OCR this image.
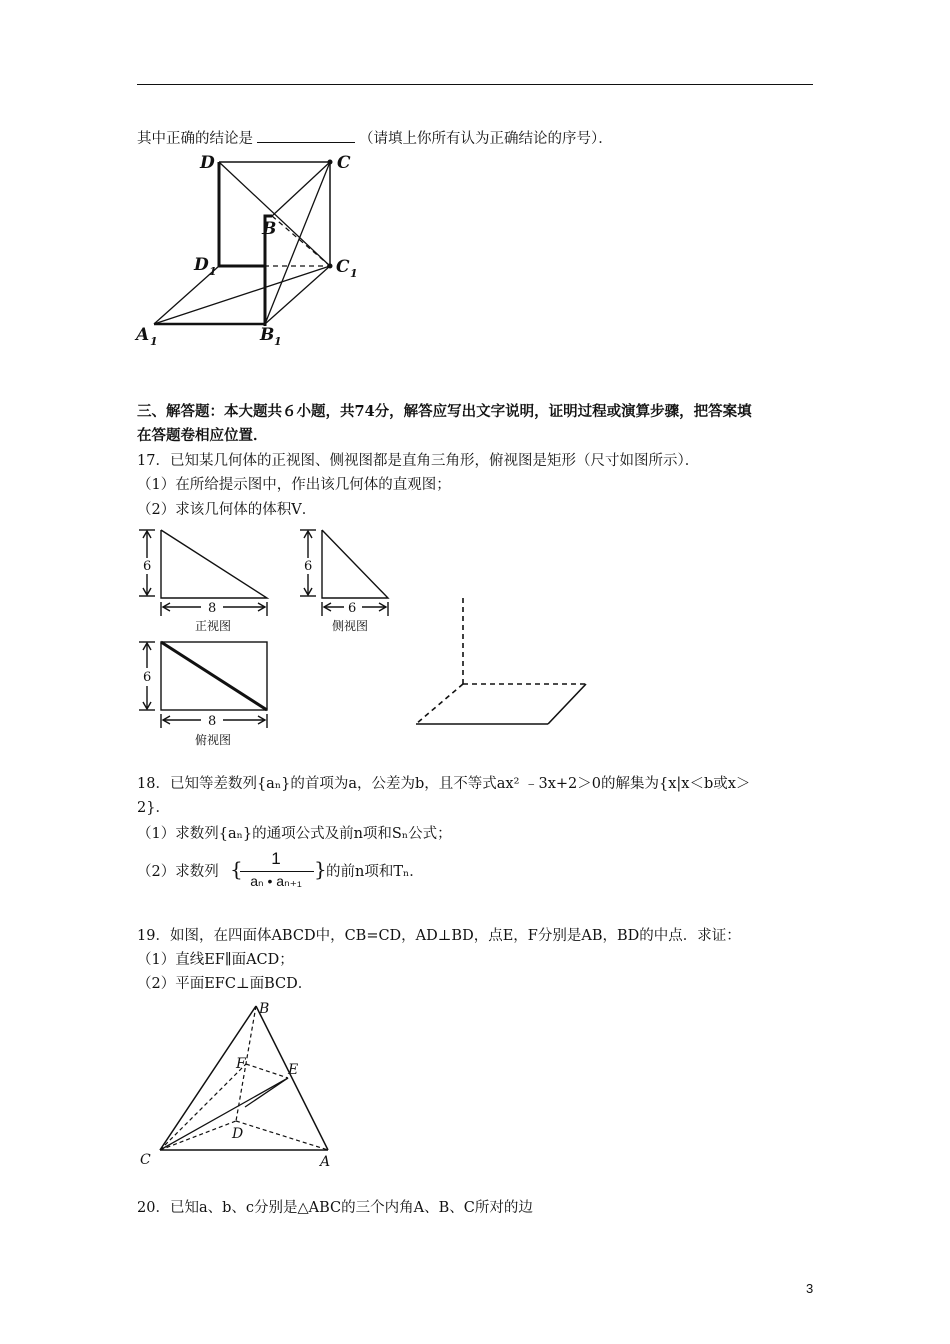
其中正确的结论是	（请填上你所有认为正确结论的序号）．
D	C
B
D 1	C 1
A 1	B 1
三、解答题：本大题共６小题，共74分，解答应写出文字说明，证明过程或演算步骤，把答案填
在答题卷相应位置．
17．已知某几何体的正视图、侧视图都是直角三角形，俯视图是矩形（尺寸如图所示）．
（1）在所给提示图中，作出该几何体的直观图；
（2）求该几何体的体积V．
6
8
正视图
6
6
侧视图
6
8
俯视图
18．已知等差数列{aₙ}的首项为a，公差为b，且不等式ax² ﹣3x+2＞0的解集为{x|x＜b或x＞
2}．
（1）求数列{aₙ}的通项公式及前n项和Sₙ公式；
（2）求数列 {	1
aₙ • aₙ₊₁ } 的前n项和Tₙ．
19．如图，在四面体ABCD中，CB=CD，AD⊥BD，点E，F分别是AB，BD的中点．求证：
（1）直线EF∥面ACD；
（2）平面EFC⊥面BCD．
B
F	E
D
C	A
20．已知a、b、c分别是△ABC的三个内角A、B、C所对的边
3
